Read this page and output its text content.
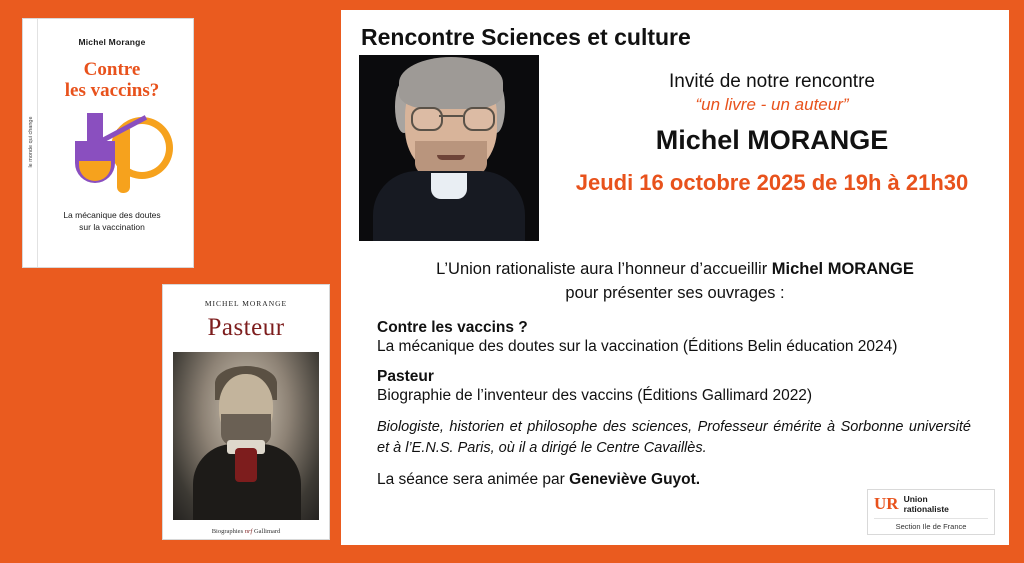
le monde qui change
Michel Morange
Contre
les vaccins?
La mécanique des doutes
sur la vaccination
MICHEL MORANGE
Pasteur
Biographies nrf Gallimard
Rencontre Sciences et culture
Invité de notre rencontre
“un livre - un auteur”
Michel MORANGE
Jeudi 16 octobre 2025 de 19h à 21h30
L’Union rationaliste aura l’honneur d’accueillir Michel MORANGE
pour présenter ses ouvrages :
Contre les vaccins ?
La mécanique des doutes sur la vaccination (Éditions Belin éducation 2024)
Pasteur
Biographie de l’inventeur des vaccins (Éditions Gallimard 2022)
Biologiste, historien et philosophe des sciences, Professeur émérite à Sorbonne université et à l’E.N.S. Paris, où il a dirigé le Centre Cavaillès.
La séance sera animée par Geneviève Guyot.
UR Union
rationaliste
Section Ile de France
